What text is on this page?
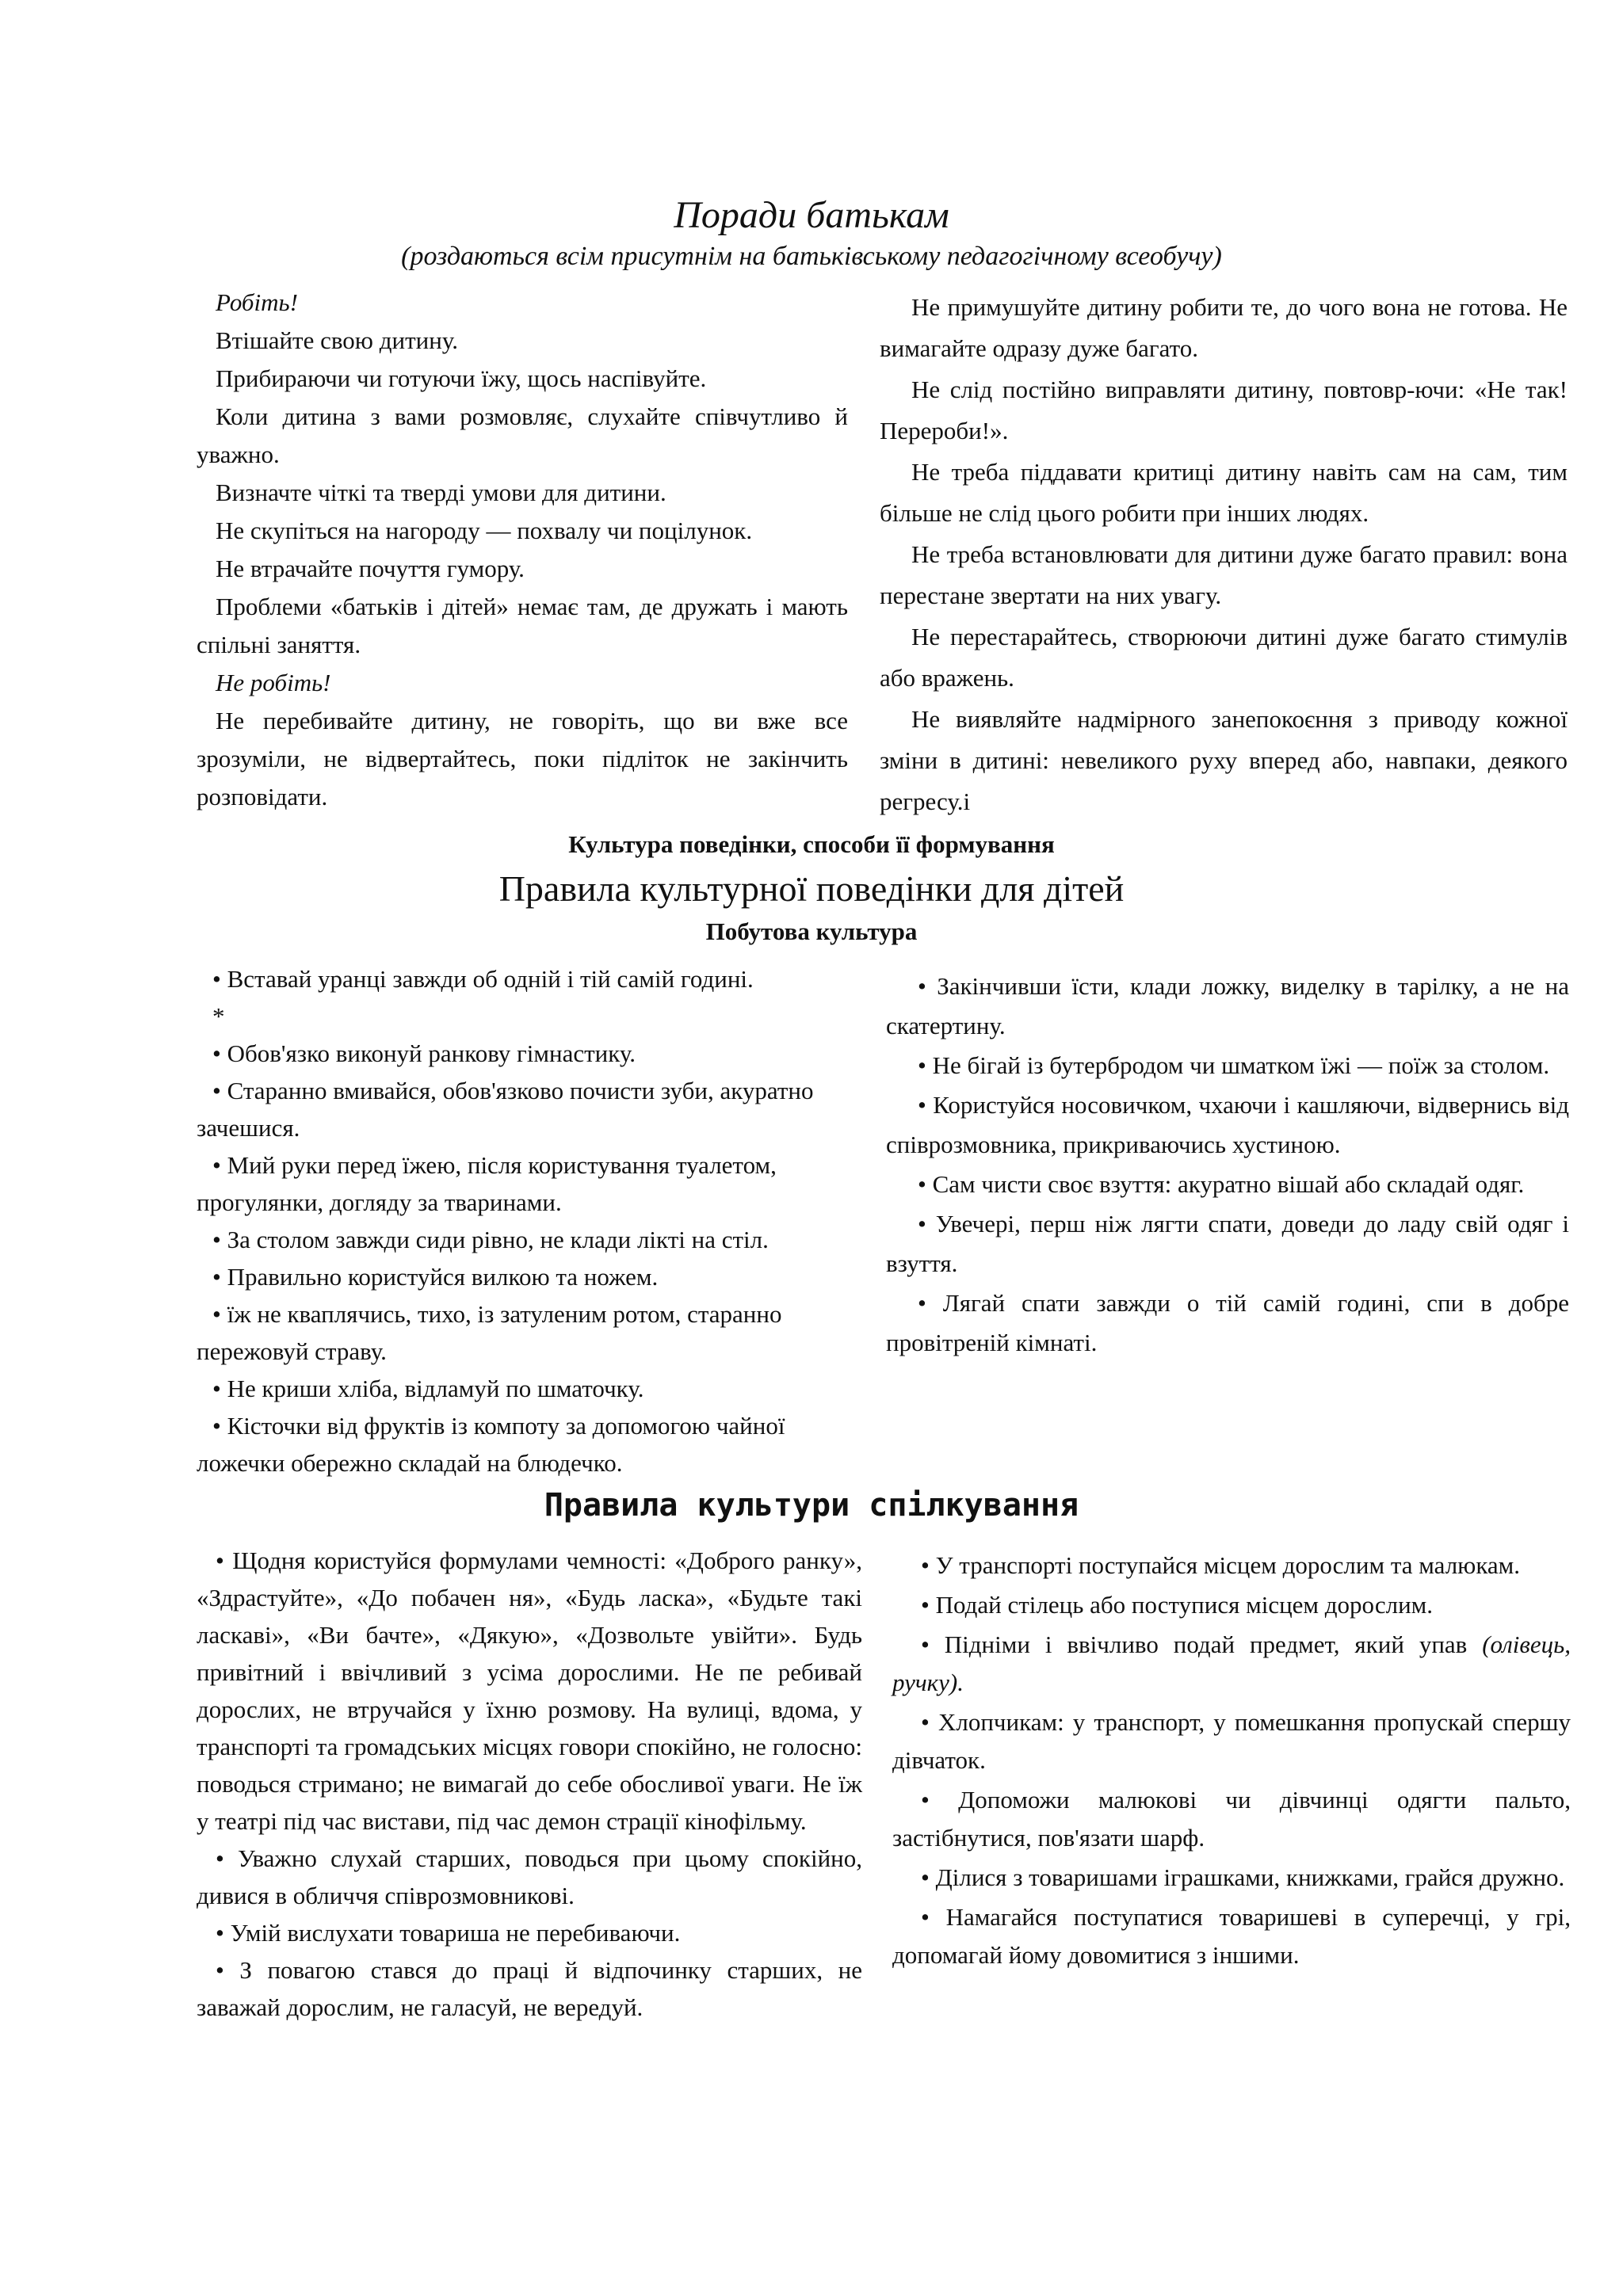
Поради батькам
(роздаються всім присутнім на батьківському педагогічному всеобучу)

Робіть!

Втішайте свою дитину.

Прибираючи чи готуючи їжу, щось наспівуйте.

Коли дитина з вами розмовляє, слухайте співчутливо й уважно.

Визначте чіткі та тверді умови для дитини.

Не скупіться на нагороду — похвалу чи поцілунок.

Не втрачайте почуття гумору.

Проблеми «батьків і дітей» немає там, де дружать і мають спільні заняття.

Не робіть!

Не перебивайте дитину, не говоріть, що ви вже все зрозуміли, не відвертайтесь, поки підліток не закінчить розповідати.

Не примушуйте дитину робити те, до чого вона не готова. Не вимагайте одразу дуже багато.

Не слід постійно виправляти дитину, повтовр-ючи: «Не так! Перероби!».

Не треба піддавати критиці дитину навіть сам на сам, тим більше не слід цього робити при інших людях.

Не треба встановлювати для дитини дуже багато правил: вона перестане звертати на них увагу.

Не перестарайтесь, створюючи дитині дуже багато стимулів або вражень.

Не виявляйте надмірного занепокоєння з приводу кожної зміни в дитині: невеликого руху вперед або, навпаки, деякого регресу.і

Культура поведінки, способи її формування
Правила культурної поведінки для дітей
Побутова культура

• Вставай уранці завжди об одній і тій самій годині.

*

• Обов'язко виконуй ранкову гімнастику.

• Старанно вмивайся, обов'язково почисти зуби, акуратно зачешися.

• Мий руки перед їжею, після користування туалетом, прогулянки, догляду за тваринами.

• За столом завжди сиди рівно, не клади лікті на стіл.

• Правильно користуйся вилкою та ножем.

• їж не кваплячись, тихо, із затуленим ротом, старанно пережовуй страву.

• Не криши хліба, відламуй по шматочку.

• Кісточки від фруктів із компоту за допомогою чайної ложечки обережно складай на блюдечко.

• Закінчивши їсти, клади ложку, виделку в тарілку, а не на скатертину.

• Не бігай із бутербродом чи шматком їжі — поїж за столом.

• Користуйся носовичком, чхаючи і кашляючи, відвернись від співрозмовника, прикриваючись хустиною.

• Сам чисти своє взуття: акуратно вішай або складай одяг.

• Увечері, перш ніж лягти спати, доведи до ладу свій одяг і взуття.

• Лягай спати завжди о тій самій годині, спи в добре провітреній кімнаті.

Правила культури спілкування

• Щодня користуйся формулами чемності: «Доброго ранку», «Здрастуйте», «До побачен ня», «Будь ласка», «Будьте такі ласкаві», «Ви бачте», «Дякую», «Дозвольте увійти». Будь привітний і ввічливий з усіма дорослими. Не пе ребивай дорослих, не втручайся у їхню розмову. На вулиці, вдома, у транспорті та громадських місцях говори спокійно, не голосно: поводься стримано; не вимагай до себе обосливої уваги. Не їж у театрі під час вистави, під час демон страції кінофільму.

• Уважно слухай старших, поводься при цьому спокійно, дивися в обличчя співрозмовникові.

• Умій вислухати товариша не перебиваючи.

• З повагою стався до праці й відпочинку старших, не заважай дорослим, не галасуй, не вередуй.

• У транспорті поступайся місцем дорослим та малюкам.

• Подай стілець або поступися місцем дорослим.

• Підніми і ввічливо подай предмет, який упав (олівець, ручку).

• Хлопчикам: у транспорт, у помешкання пропускай спершу дівчаток.

• Допоможи малюкові чи дівчинці одягти пальто, застібнутися, пов'язати шарф.

• Ділися з товаришами іграшками, книжками, грайся дружно.

• Намагайся поступатися товаришеві в суперечці, у грі, допомагай йому довомитися з іншими.
